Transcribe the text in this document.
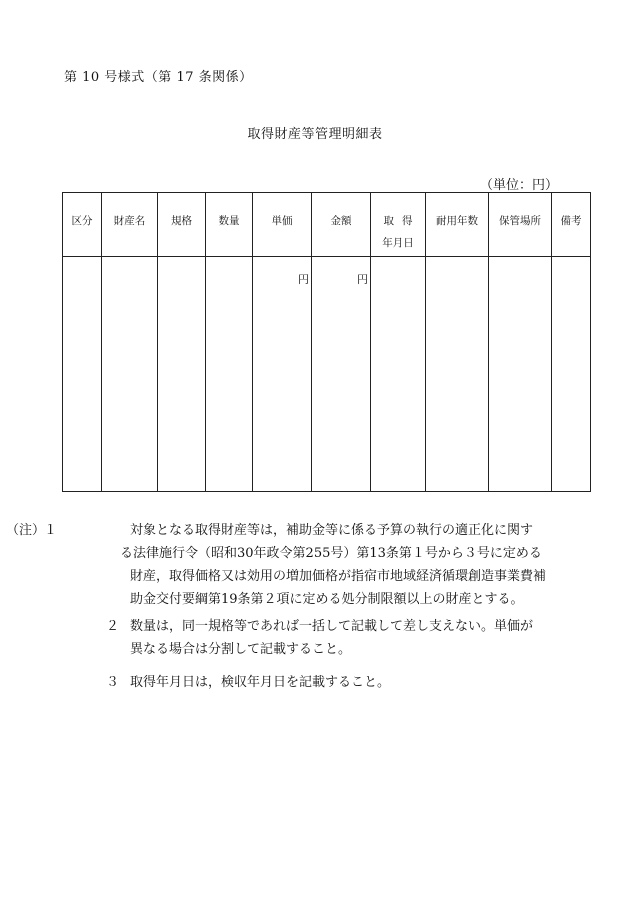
第 10 号様式（第 17 条関係）
取得財産等管理明細表
（単位：円）
区分	財産名	規格	数量	単価	金額	取得
年月日	耐用年数	保管場所	備考
				円	円				
（注）
１	対象となる取得財産等は，補助金等に係る予算の執行の適正化に関す
る法律施行令（昭和30年政令第255号）第13条第１号から３号に定める
財産，取得価格又は効用の増加価格が指宿市地域経済循環創造事業費補
助金交付要綱第19条第２項に定める処分制限額以上の財産とする。
２ 数量は，同一規格等であれば一括して記載して差し支えない。単価が
異なる場合は分割して記載すること。
３ 取得年月日は，検収年月日を記載すること。
